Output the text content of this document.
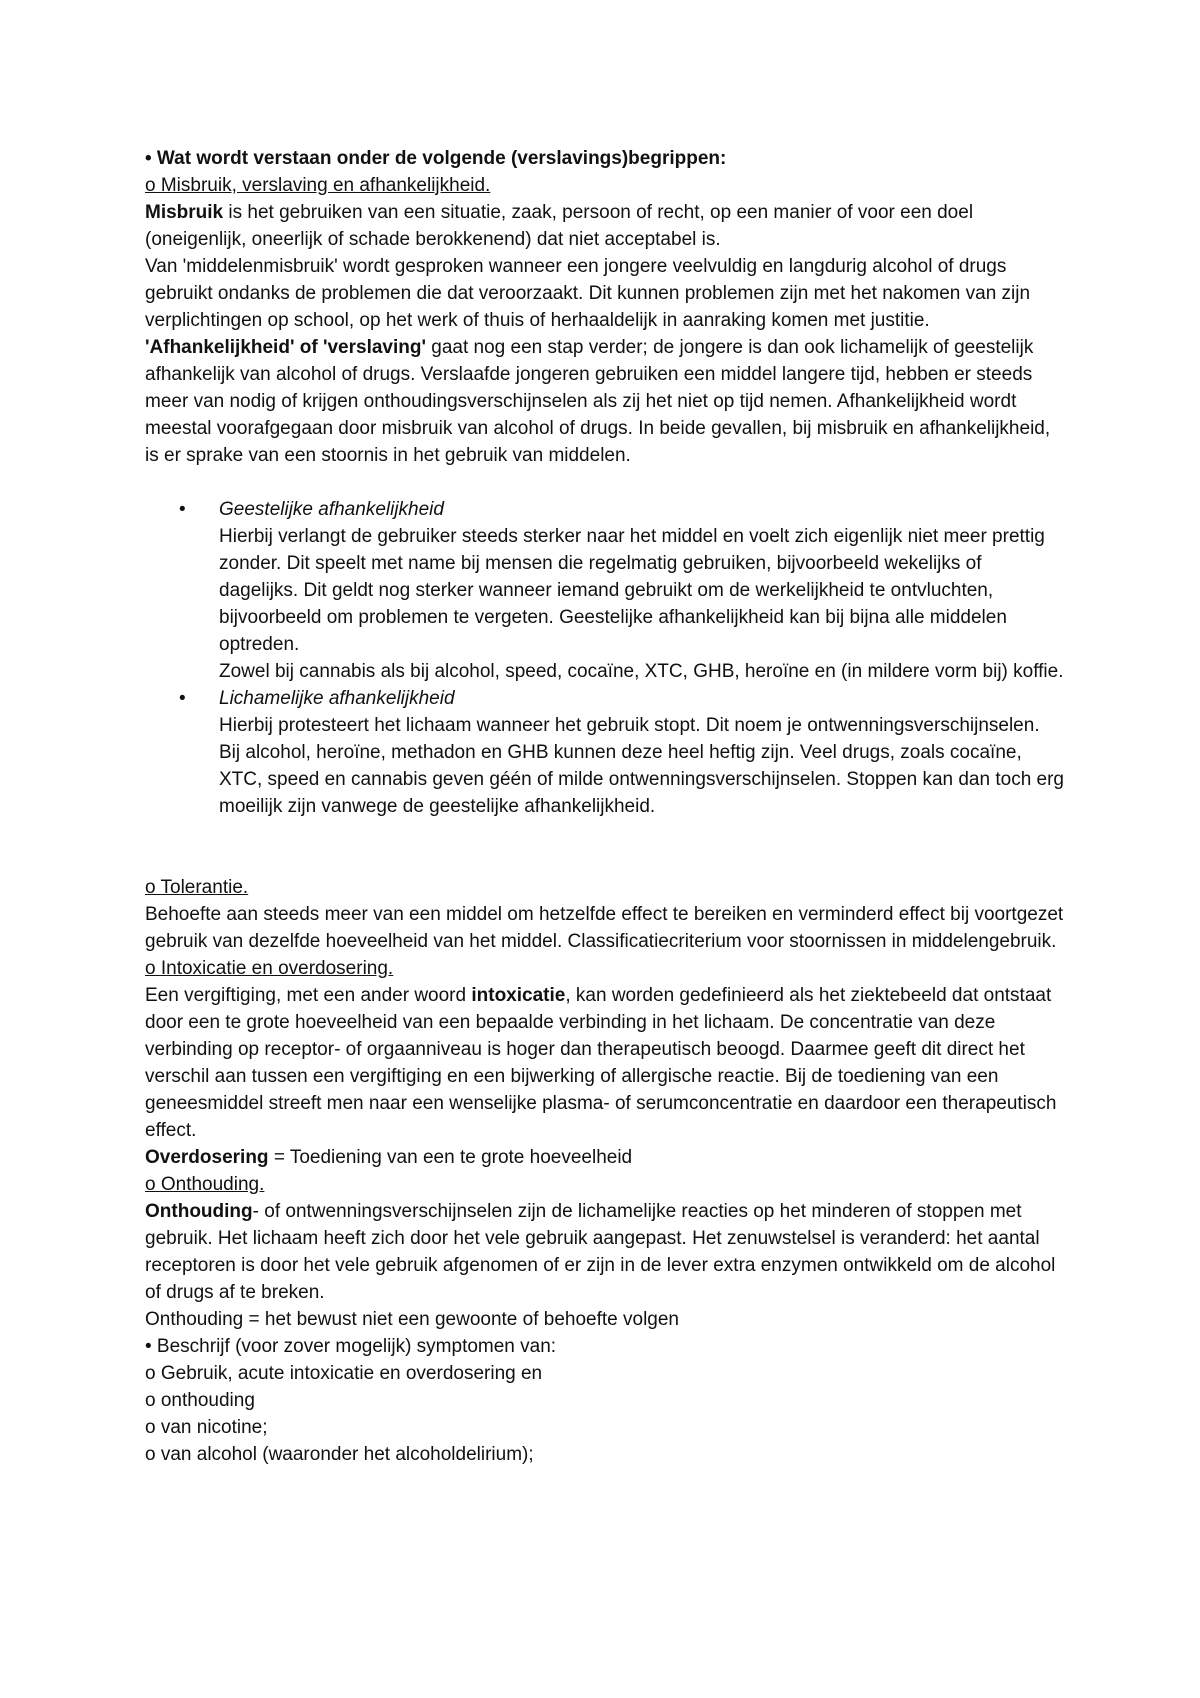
• Wat wordt verstaan onder de volgende (verslavings)begrippen:

o Misbruik, verslaving en afhankelijkheid.

Misbruik is het gebruiken van een situatie, zaak, persoon of recht, op een manier of voor een doel (oneigenlijk, oneerlijk of schade berokkenend) dat niet acceptabel is.

Van 'middelenmisbruik' wordt gesproken wanneer een jongere veelvuldig en langdurig alcohol of drugs gebruikt ondanks de problemen die dat veroorzaakt. Dit kunnen problemen zijn met het nakomen van zijn verplichtingen op school, op het werk of thuis of herhaaldelijk in aanraking komen met justitie. 'Afhankelijkheid' of 'verslaving' gaat nog een stap verder; de jongere is dan ook lichamelijk of geestelijk afhankelijk van alcohol of drugs. Verslaafde jongeren gebruiken een middel langere tijd, hebben er steeds meer van nodig of krijgen onthoudingsverschijnselen als zij het niet op tijd nemen. Afhankelijkheid wordt meestal voorafgegaan door misbruik van alcohol of drugs. In beide gevallen, bij misbruik en afhankelijkheid, is er sprake van een stoornis in het gebruik van middelen.

• Geestelijke afhankelijkheid

Hierbij verlangt de gebruiker steeds sterker naar het middel en voelt zich eigenlijk niet meer prettig zonder. Dit speelt met name bij mensen die regelmatig gebruiken, bijvoorbeeld wekelijks of dagelijks. Dit geldt nog sterker wanneer iemand gebruikt om de werkelijkheid te ontvluchten, bijvoorbeeld om problemen te vergeten. Geestelijke afhankelijkheid kan bij bijna alle middelen optreden.

Zowel bij cannabis als bij alcohol, speed, cocaïne, XTC, GHB, heroïne en (in mildere vorm bij) koffie.

• Lichamelijke afhankelijkheid

Hierbij protesteert het lichaam wanneer het gebruik stopt. Dit noem je ontwenningsverschijnselen. Bij alcohol, heroïne, methadon en GHB kunnen deze heel heftig zijn. Veel drugs, zoals cocaïne, XTC, speed en cannabis geven géén of milde ontwenningsverschijnselen. Stoppen kan dan toch erg moeilijk zijn vanwege de geestelijke afhankelijkheid.

o Tolerantie.

Behoefte aan steeds meer van een middel om hetzelfde effect te bereiken en verminderd effect bij voortgezet gebruik van dezelfde hoeveelheid van het middel. Classificatiecriterium voor stoornissen in middelengebruik.

o Intoxicatie en overdosering.

Een vergiftiging, met een ander woord intoxicatie, kan worden gedefinieerd als het ziektebeeld dat ontstaat door een te grote hoeveelheid van een bepaalde verbinding in het lichaam. De concentratie van deze verbinding op receptor- of orgaanniveau is hoger dan therapeutisch beoogd. Daarmee geeft dit direct het verschil aan tussen een vergiftiging en een bijwerking of allergische reactie. Bij de toediening van een geneesmiddel streeft men naar een wenselijke plasma- of serumconcentratie en daardoor een therapeutisch effect.

Overdosering = Toediening van een te grote hoeveelheid

o Onthouding.

Onthouding- of ontwenningsverschijnselen zijn de lichamelijke reacties op het minderen of stoppen met gebruik. Het lichaam heeft zich door het vele gebruik aangepast. Het zenuwstelsel is veranderd: het aantal receptoren is door het vele gebruik afgenomen of er zijn in de lever extra enzymen ontwikkeld om de alcohol of drugs af te breken.

Onthouding = het bewust niet een gewoonte of behoefte volgen

• Beschrijf (voor zover mogelijk) symptomen van:

o Gebruik, acute intoxicatie en overdosering en

o onthouding

o van nicotine;

o van alcohol (waaronder het alcoholdelirium);
